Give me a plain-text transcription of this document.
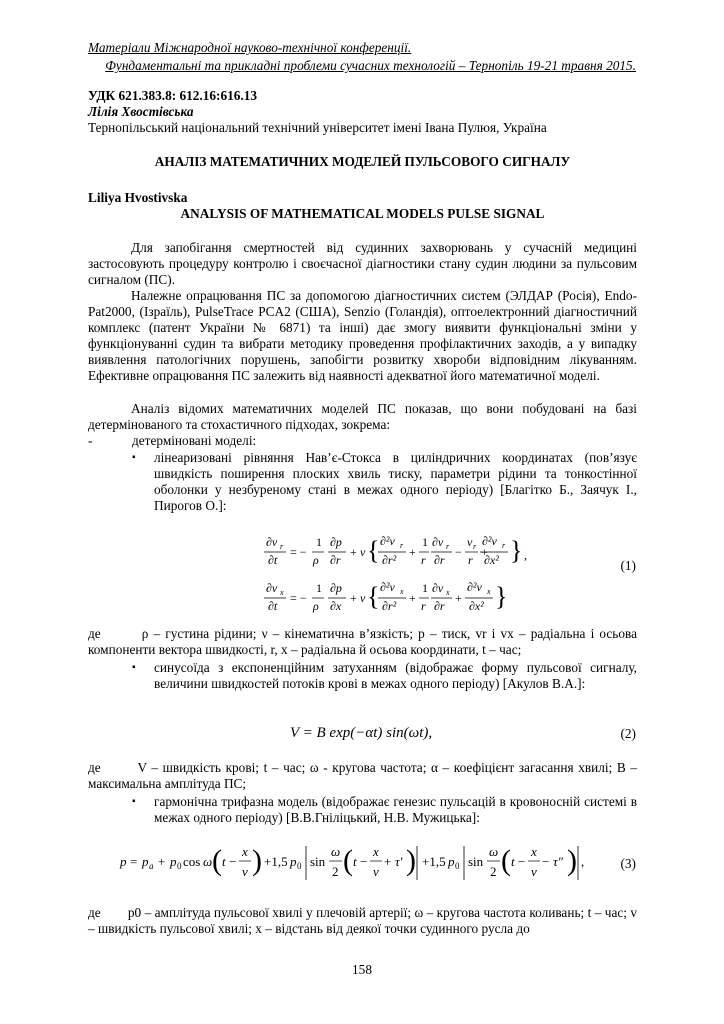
Матеріали Міжнародної науково-технічної конференції.
Фундаментальні та прикладні проблеми сучасних технологій – Тернопіль 19-21 травня 2015.
УДК 621.383.8: 612.16:616.13
Лілія Хвостівська
Тернопільський національний технічний університет імені Івана Пулюя, Україна
АНАЛІЗ МАТЕМАТИЧНИХ МОДЕЛЕЙ ПУЛЬСОВОГО СИГНАЛУ
Liliya Hvostivska
ANALYSIS OF MATHEMATICAL MODELS PULSE SIGNAL
Для запобігання смертностей від судинних захворювань у сучасній медицині застосовують процедуру контролю і своєчасної діагностики стану судин людини за пульсовим сигналом (ПС).
Належне опрацювання ПС за допомогою діагностичних систем (ЭЛДАР (Росія), Endo-Pat2000, (Ізраїль), PulseTrace PCA2 (США), Senzio (Голандія), оптоелектронний діагностичний комплекс (патент України № 6871) та інші) дає змогу виявити функціональні зміни у функціонуванні судин та вибрати методику проведення профілактичних заходів, а у випадку виявлення патологічних порушень, запобігти розвитку хвороби відповідним лікуванням. Ефективне опрацювання ПС залежить від наявності адекватної його математичної моделі.
Аналіз відомих математичних моделей ПС показав, що вони побудовані на базі детермінованого та стохастичного підходах, зокрема:
-	детерміновані моделі:
▪ лінеаризовані рівняння Нав’є-Стокса в циліндричних координатах (пов’язує швидкість поширення плоских хвиль тиску, параметри рідини та тонкостінної оболонки у незбуреному стані в межах одного періоду) [Благітко Б., Заячук І., Пирогов О.]:
∂v r
∂t
= −
1
ρ
∂p
∂r
+ ν { ∂²v r
∂r²
+
1
r
∂v r
∂r
−
v r
r
+
∂v x
∂t
= −
1
ρ
∂p
∂x
+ ν { ∂²v x
∂r²
+
1
r
∂v x
∂r
+
∂²v x
∂x² }
∂²v r
∂x² } ,
(1)
де	ρ – густина рідини; ν – кінематична в’язкість; p – тиск, vr і vx – радіальна і осьова компоненти вектора швидкості, r, x – радіальна й осьова координати, t – час;
▪ синусоїда з експоненційним затуханням (відображає форму пульсової сигналу, величини швидкостей потоків крові в межах одного періоду) [Акулов В.А.]:
V = B exp(−αt) sin(ωt),	(2)
де	V – швидкість крові; t – час; ω - кругова частота; α – коефіцієнт загасання хвилі; B – максимальна амплітуда ПС;
▪ гармонічна трифазна модель (відображає генезис пульсацій в кровоносній системі в межах одного періоду) [В.В.Гніліцький, Н.В. Мужицька]:
p = p a + p 0 cos ω ( t −
x
v ) +1,5 p 0 sin
ω
2 ( t −
x
v
+ τ′ ) +1,5 p 0 sin
ω
2 ( t −
x
v
− τ″ ) ,	(3)
де p0 – амплітуда пульсової хвилі у плечовій артерії; ω – кругова частота коливань; t – час; v – швидкість пульсової хвилі; x – відстань від деякої точки судинного русла до
158
